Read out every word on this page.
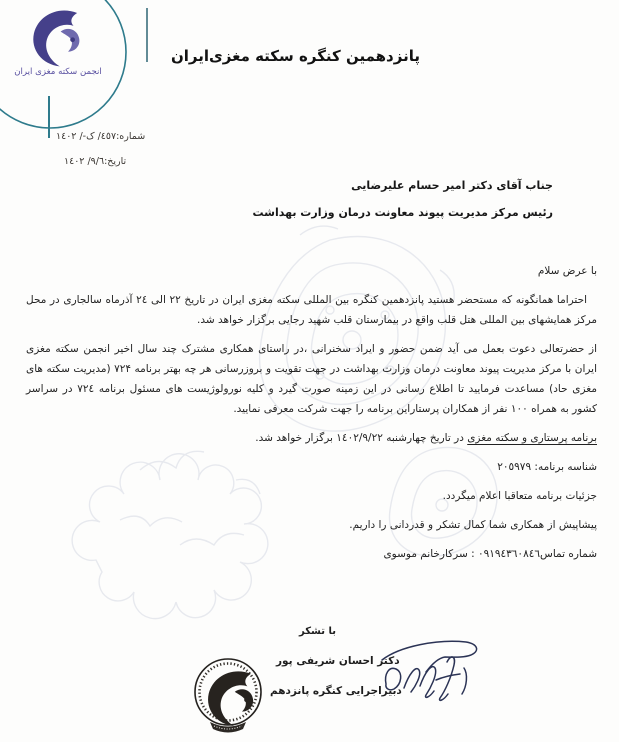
انجمن سکته مغزی ایران
پانزدهمین کنگره سکته مغزی‌ایران
شماره:٤٥٧/ ک-/ ١٤٠٢
تاریخ:٩/٦/ ١٤٠٢
جناب آقای دکتر امیر حسام علیرضایی
رئیس مرکز مدیریت پیوند معاونت درمان وزارت بهداشت
با عرض سلام

احتراما همانگونه که مستحضر هستید پانزدهمین کنگره بین المللی سکته مغزی ایران در تاریخ ٢٢ الی ٢٤ آذرماه سالجاری در محل مرکز همایشهای بین المللی هتل قلب واقع در بیمارستان قلب شهید رجایی برگزار خواهد شد.

از حضرتعالی دعوت بعمل می آید ضمن حضور و ایراد سخنرانی ،در راستای همکاری مشترک چند سال اخیر انجمن سکته مغزی ایران با مرکز مدیریت پیوند معاونت درمان وزارت بهداشت در جهت تقویت و بروزرسانی هر چه بهتر برنامه ۷۲۴ (مدیریت سکته های مغزی حاد) مساعدت فرمایید تا اطلاع رسانی در این زمینه صورت گیرد و کلیه نورولوژیست های مسئول برنامه ٧٢٤ در سراسر کشور به همراه ١٠٠ نفر از همکاران پرستاراین برنامه را جهت شرکت معرفی نمایید.

برنامه پرستاری و سکته مغزی در تاریخ چهارشنبه ١٤٠٢/٩/٢٢ برگزار خواهد شد.
شناسه برنامه: ٢٠٥٩٧٩
جزئیات برنامه متعاقبا اعلام میگردد.
پیشاپیش از همکاری شما کمال تشکر و قدردانی را داریم.
شماره تماس٠٩١٩٤٣٦٠٨٤٦ : سرکارخانم موسوی
با تشکر
دکتر احسان شریفی پور
دبیراجرایی کنگره پانزدهم
